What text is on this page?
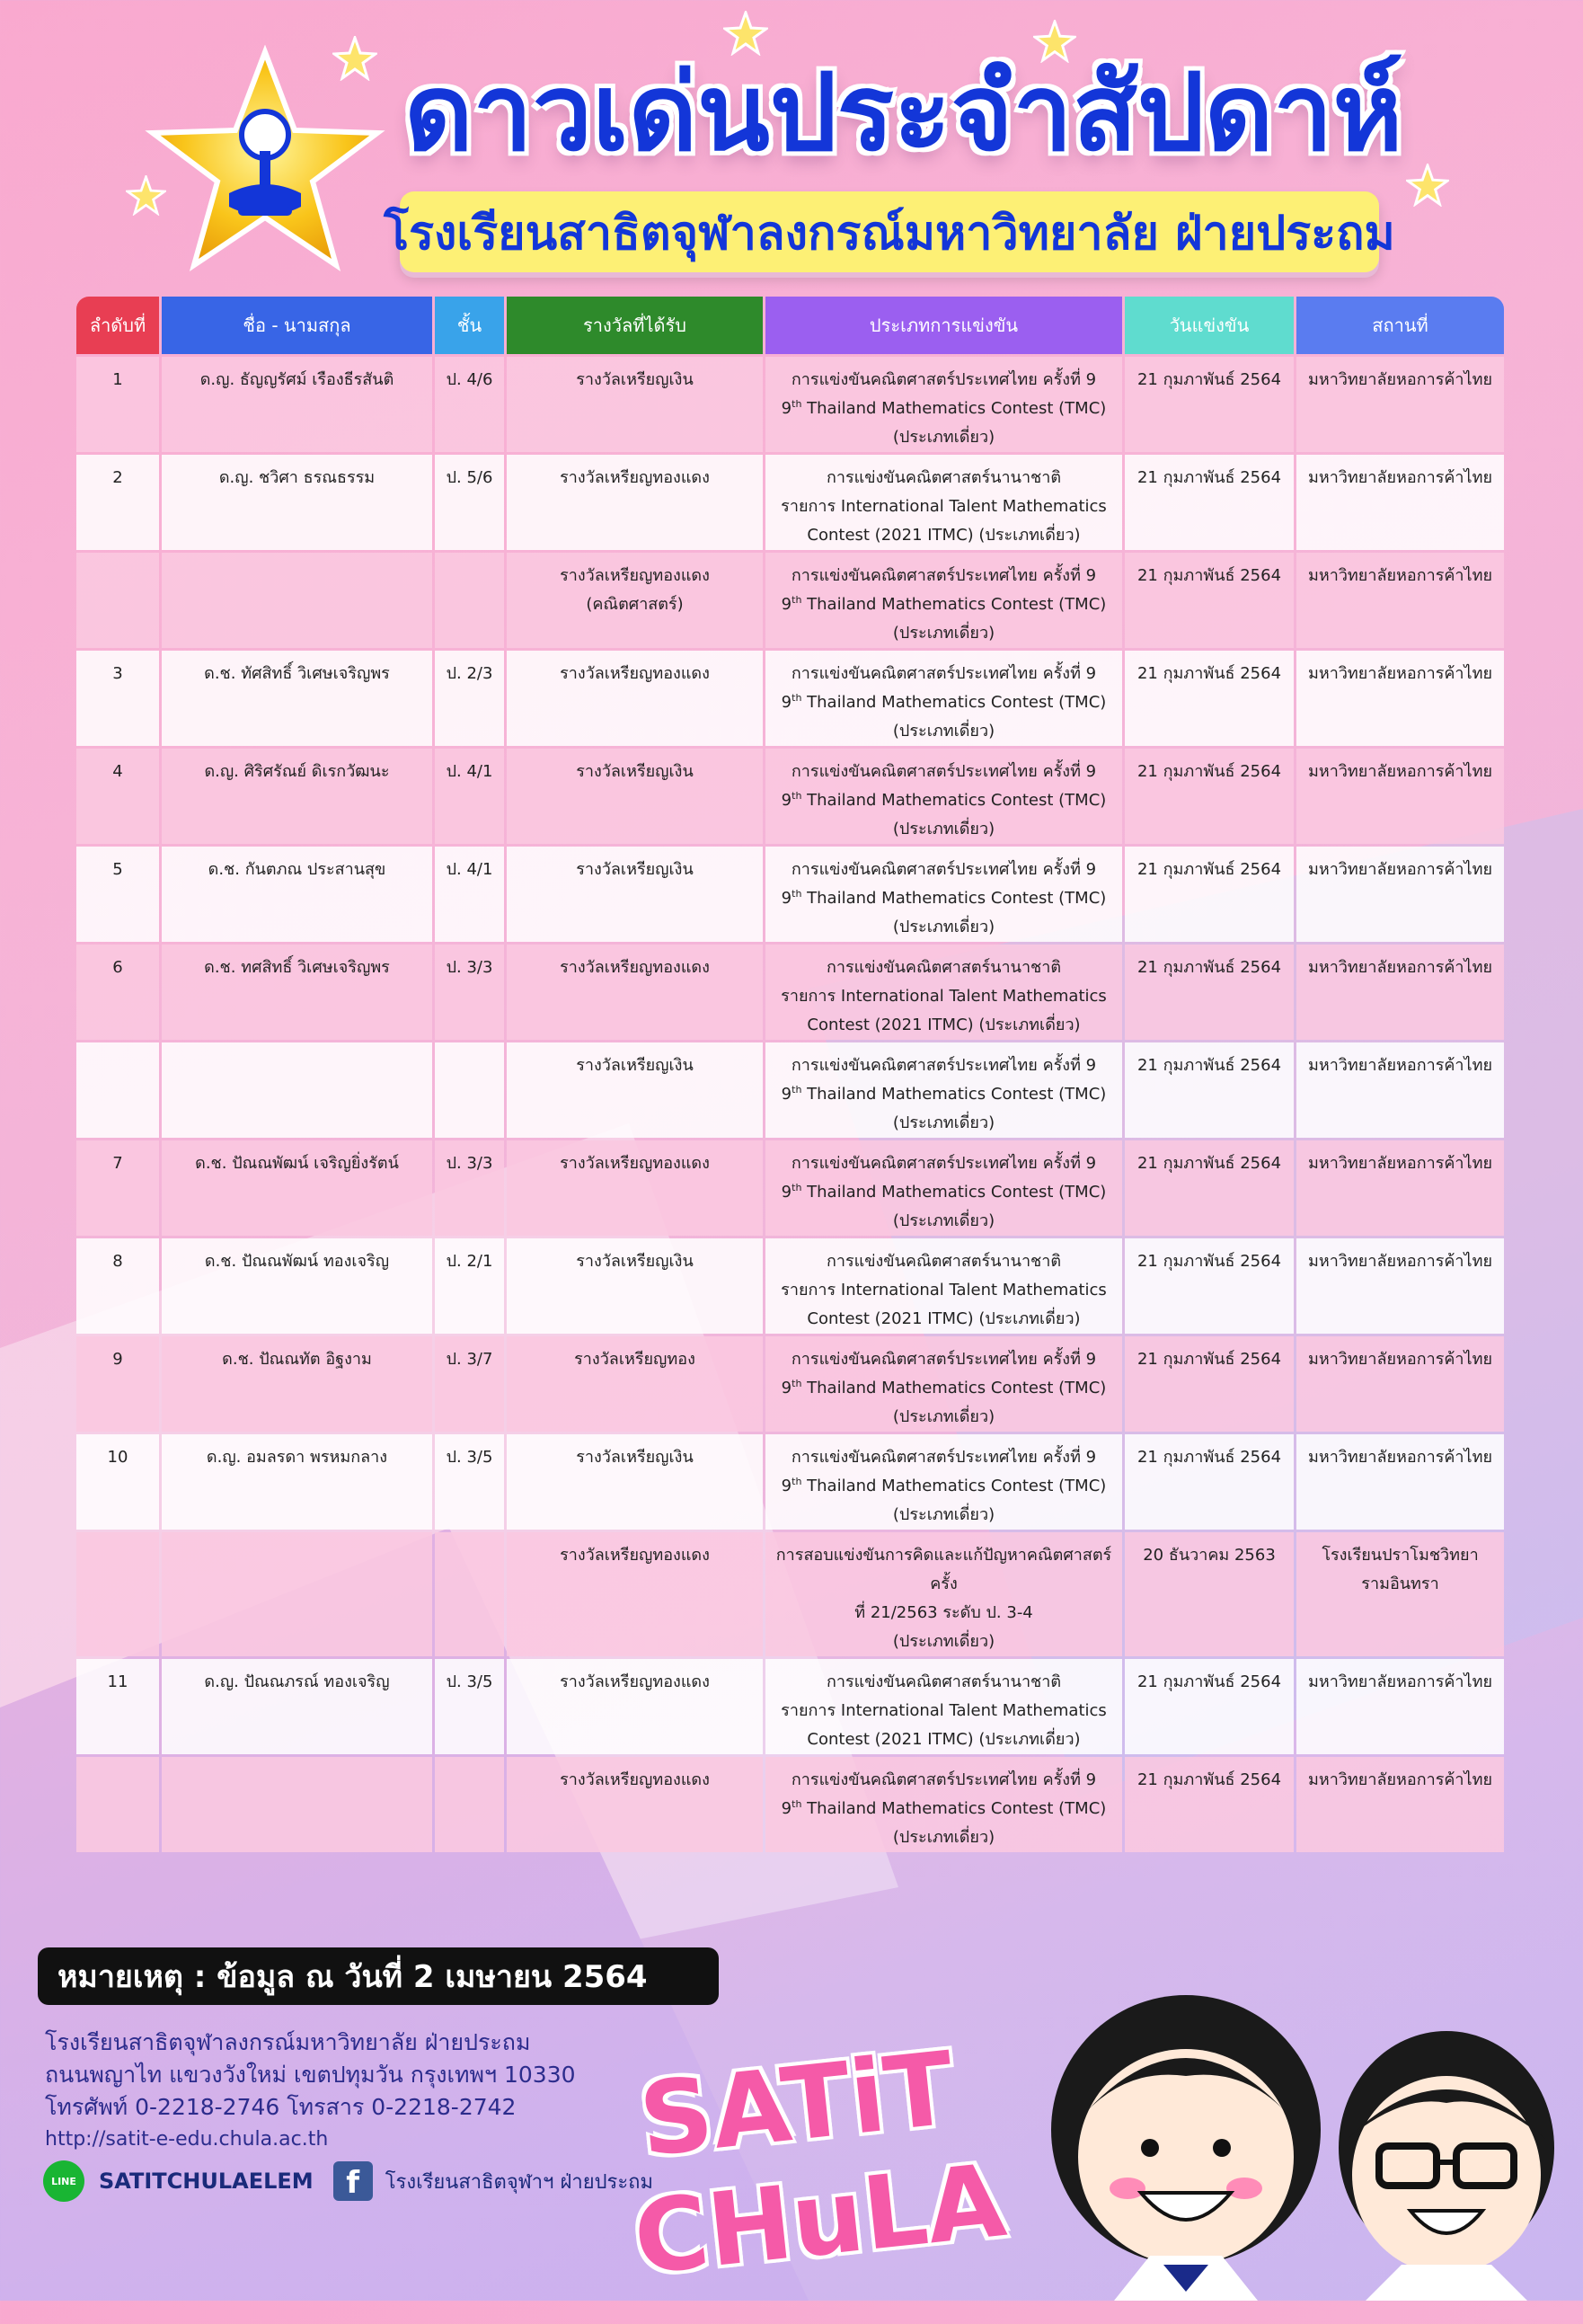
ดาวเด่นประจำสัปดาห์
โรงเรียนสาธิตจุฬาลงกรณ์มหาวิทยาลัย ฝ่ายประถม
ลำดับที่	ชื่อ - นามสกุล	ชั้น	รางวัลที่ได้รับ	ประเภทการแข่งขัน	วันแข่งขัน	สถานที่
1	ด.ญ. ธัญญรัศม์ เรืองธีรสันติ	ป. 4/6	รางวัลเหรียญเงิน	การแข่งขันคณิตศาสตร์ประเทศไทย ครั้งที่ 9
9th Thailand Mathematics Contest (TMC)
(ประเภทเดี่ยว)	21 กุมภาพันธ์ 2564	มหาวิทยาลัยหอการค้าไทย

2	ด.ญ. ชวิศา ธรณธรรม	ป. 5/6	รางวัลเหรียญทองแดง	การแข่งขันคณิตศาสตร์นานาชาติ
รายการ International Talent Mathematics
Contest (2021 ITMC) (ประเภทเดี่ยว)	21 กุมภาพันธ์ 2564	มหาวิทยาลัยหอการค้าไทย

			รางวัลเหรียญทองแดง
(คณิตศาสตร์)	การแข่งขันคณิตศาสตร์ประเทศไทย ครั้งที่ 9
9th Thailand Mathematics Contest (TMC)
(ประเภทเดี่ยว)	21 กุมภาพันธ์ 2564	มหาวิทยาลัยหอการค้าไทย

3	ด.ช. ทัศสิทธิ์ วิเศษเจริญพร	ป. 2/3	รางวัลเหรียญทองแดง	การแข่งขันคณิตศาสตร์ประเทศไทย ครั้งที่ 9
9th Thailand Mathematics Contest (TMC)
(ประเภทเดี่ยว)	21 กุมภาพันธ์ 2564	มหาวิทยาลัยหอการค้าไทย

4	ด.ญ. ศิริศรัณย์ ดิเรกวัฒนะ	ป. 4/1	รางวัลเหรียญเงิน	การแข่งขันคณิตศาสตร์ประเทศไทย ครั้งที่ 9
9th Thailand Mathematics Contest (TMC)
(ประเภทเดี่ยว)	21 กุมภาพันธ์ 2564	มหาวิทยาลัยหอการค้าไทย

5	ด.ช. กันตภณ ประสานสุข	ป. 4/1	รางวัลเหรียญเงิน	การแข่งขันคณิตศาสตร์ประเทศไทย ครั้งที่ 9
9th Thailand Mathematics Contest (TMC)
(ประเภทเดี่ยว)	21 กุมภาพันธ์ 2564	มหาวิทยาลัยหอการค้าไทย

6	ด.ช. ทศสิทธิ์ วิเศษเจริญพร	ป. 3/3	รางวัลเหรียญทองแดง	การแข่งขันคณิตศาสตร์นานาชาติ
รายการ International Talent Mathematics
Contest (2021 ITMC) (ประเภทเดี่ยว)	21 กุมภาพันธ์ 2564	มหาวิทยาลัยหอการค้าไทย

			รางวัลเหรียญเงิน	การแข่งขันคณิตศาสตร์ประเทศไทย ครั้งที่ 9
9th Thailand Mathematics Contest (TMC)
(ประเภทเดี่ยว)	21 กุมภาพันธ์ 2564	มหาวิทยาลัยหอการค้าไทย

7	ด.ช. ปัณณพัฒน์ เจริญยิ่งรัตน์	ป. 3/3	รางวัลเหรียญทองแดง	การแข่งขันคณิตศาสตร์ประเทศไทย ครั้งที่ 9
9th Thailand Mathematics Contest (TMC)
(ประเภทเดี่ยว)	21 กุมภาพันธ์ 2564	มหาวิทยาลัยหอการค้าไทย

8	ด.ช. ปัณณพัฒน์ ทองเจริญ	ป. 2/1	รางวัลเหรียญเงิน	การแข่งขันคณิตศาสตร์นานาชาติ
รายการ International Talent Mathematics
Contest (2021 ITMC) (ประเภทเดี่ยว)	21 กุมภาพันธ์ 2564	มหาวิทยาลัยหอการค้าไทย

9	ด.ช. ปัณณทัต อิฐงาม	ป. 3/7	รางวัลเหรียญทอง	การแข่งขันคณิตศาสตร์ประเทศไทย ครั้งที่ 9
9th Thailand Mathematics Contest (TMC)
(ประเภทเดี่ยว)	21 กุมภาพันธ์ 2564	มหาวิทยาลัยหอการค้าไทย

10	ด.ญ. อมลรดา พรหมกลาง	ป. 3/5	รางวัลเหรียญเงิน	การแข่งขันคณิตศาสตร์ประเทศไทย ครั้งที่ 9
9th Thailand Mathematics Contest (TMC)
(ประเภทเดี่ยว)	21 กุมภาพันธ์ 2564	มหาวิทยาลัยหอการค้าไทย

			รางวัลเหรียญทองแดง	การสอบแข่งขันการคิดและแก้ปัญหาคณิตศาสตร์ ครั้ง
ที่ 21/2563 ระดับ ป. 3-4
(ประเภทเดี่ยว)	20 ธันวาคม 2563	โรงเรียนปราโมชวิทยา
รามอินทรา
11	ด.ญ. ปัณณภรณ์ ทองเจริญ	ป. 3/5	รางวัลเหรียญทองแดง	การแข่งขันคณิตศาสตร์นานาชาติ
รายการ International Talent Mathematics
Contest (2021 ITMC) (ประเภทเดี่ยว)	21 กุมภาพันธ์ 2564	มหาวิทยาลัยหอการค้าไทย

			รางวัลเหรียญทองแดง	การแข่งขันคณิตศาสตร์ประเทศไทย ครั้งที่ 9
9th Thailand Mathematics Contest (TMC)
(ประเภทเดี่ยว)	21 กุมภาพันธ์ 2564	มหาวิทยาลัยหอการค้าไทย

หมายเหตุ : ข้อมูล ณ วันที่ 2 เมษายน 2564
โรงเรียนสาธิตจุฬาลงกรณ์มหาวิทยาลัย ฝ่ายประถม
ถนนพญาไท แขวงวังใหม่ เขตปทุมวัน กรุงเทพฯ 10330
โทรศัพท์ 0-2218-2746 โทรสาร 0-2218-2742
http://satit-e-edu.chula.ac.th
LINE	SATITCHULAELEM	f	โรงเรียนสาธิตจุฬาฯ ฝ่ายประถม
SATiT
CHuLA
